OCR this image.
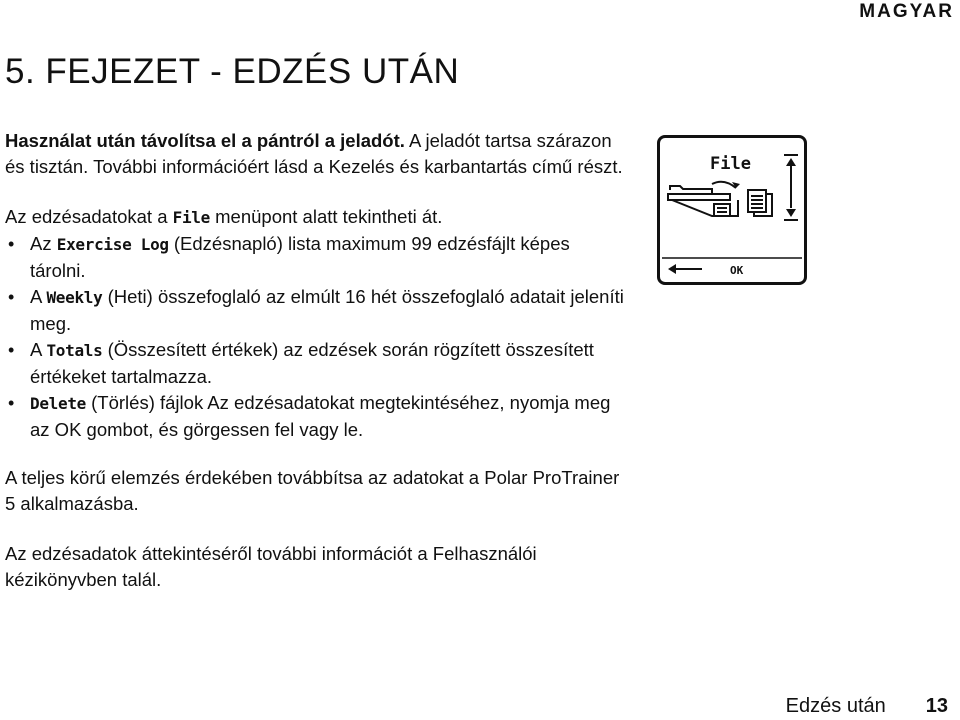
MAGYAR
5. FEJEZET - EDZÉS UTÁN

Használat után távolítsa el a pántról a jeladót. A jeladót tartsa szárazon és tisztán. További információért lásd a Kezelés és karbantartás című részt.

Az edzésadatokat a File menüpont alatt tekintheti át.

• Az Exercise Log (Edzésnapló) lista maximum 99 edzésfájlt képes tárolni.
• A Weekly (Heti) összefoglaló az elmúlt 16 hét összefoglaló adatait jeleníti meg.
• A Totals (Összesített értékek) az edzések során rögzített összesített értékeket tartalmazza.
• Delete (Törlés) fájlok Az edzésadatokat megtekintéséhez, nyomja meg az OK gombot, és görgessen fel vagy le.

A teljes körű elemzés érdekében továbbítsa az adatokat a Polar ProTrainer 5 alkalmazásba.

Az edzésadatok áttekintéséről további információt a Felhasználói kézikönyvben talál.

File
OK
Edzés után 13
